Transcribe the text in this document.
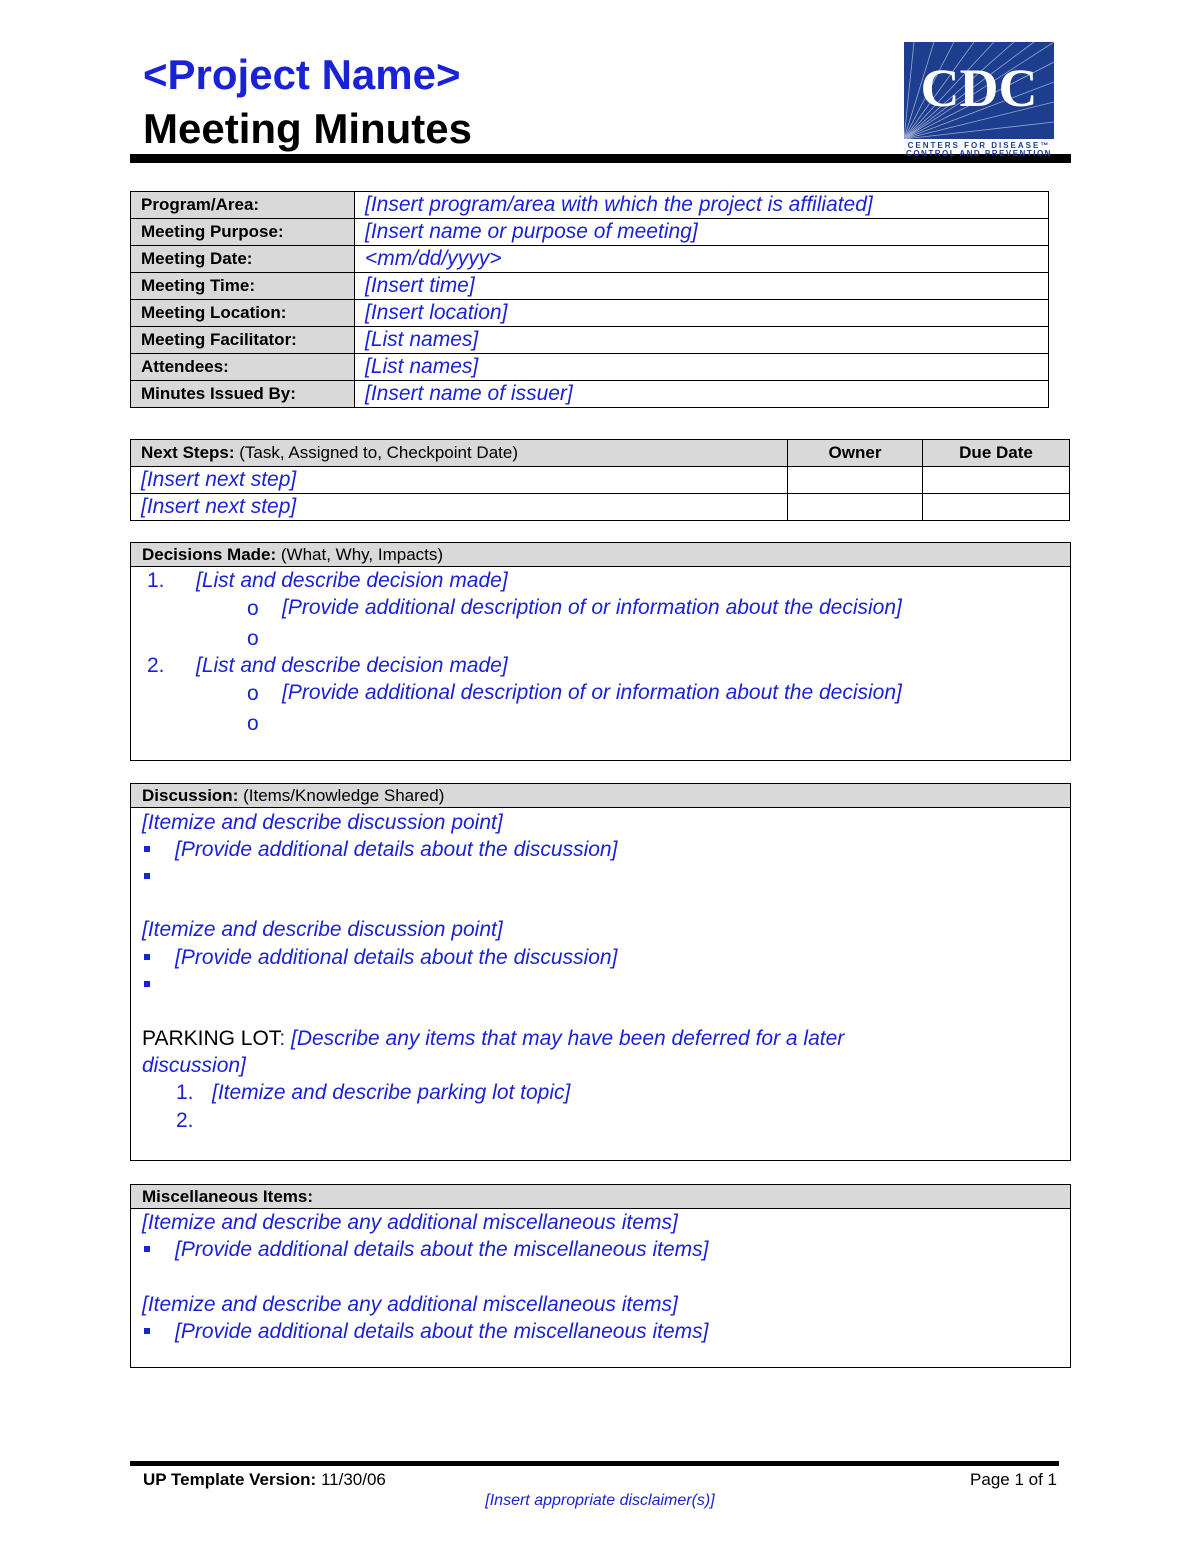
<Project Name>
Meeting Minutes
CDC
CENTERS FOR DISEASE™
CONTROL AND PREVENTION
Program/Area:	[Insert program/area with which the project is affiliated]
Meeting Purpose:	[Insert name or purpose of meeting]
Meeting Date:	<mm/dd/yyyy>
Meeting Time:	[Insert time]
Meeting Location:	[Insert location]
Meeting Facilitator:	[List names]
Attendees:	[List names]
Minutes Issued By:	[Insert name of issuer]
Next Steps: (Task, Assigned to, Checkpoint Date)	Owner	Due Date
[Insert next step]		
[Insert next step]		
Decisions Made: (What, Why, Impacts)
1. [List and describe decision made]
o [Provide additional description of or information about the decision]
o
2. [List and describe decision made]
o [Provide additional description of or information about the decision]
o
Discussion: (Items/Knowledge Shared)
[Itemize and describe discussion point]
[Provide additional details about the discussion]
[Itemize and describe discussion point]
[Provide additional details about the discussion]
PARKING LOT: [Describe any items that may have been deferred for a later
discussion]
1. [Itemize and describe parking lot topic]
2.
Miscellaneous Items:
[Itemize and describe any additional miscellaneous items]
[Provide additional details about the miscellaneous items]
[Itemize and describe any additional miscellaneous items]
[Provide additional details about the miscellaneous items]
UP Template Version: 11/30/06	Page 1 of 1
[Insert appropriate disclaimer(s)]
